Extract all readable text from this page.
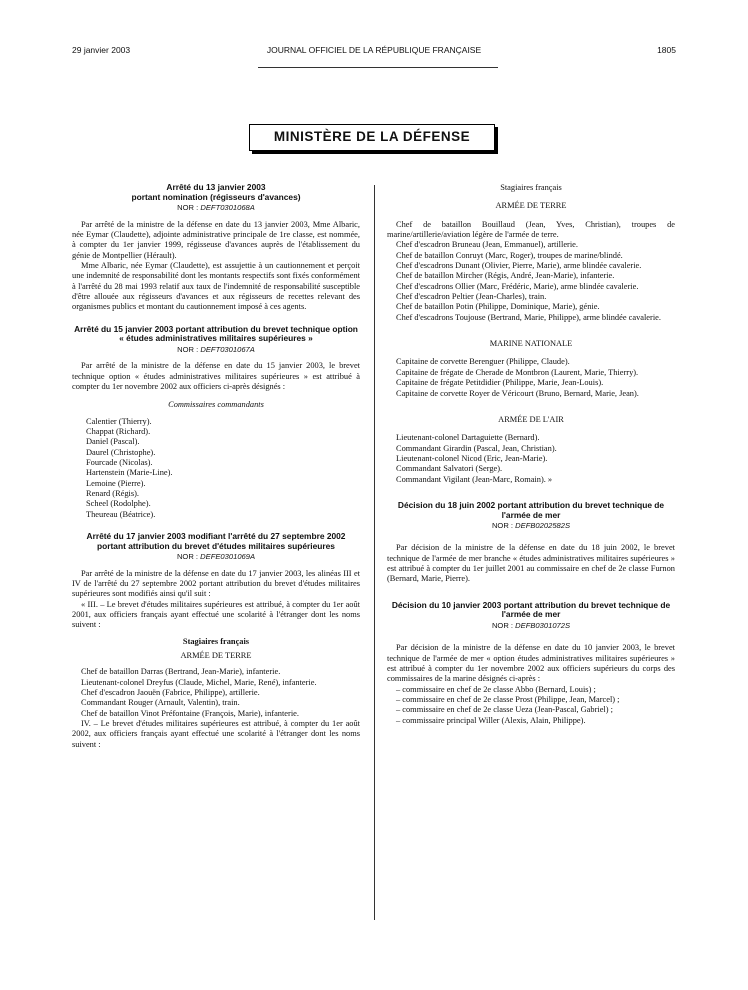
29 janvier 2003	JOURNAL OFFICIEL DE LA RÉPUBLIQUE FRANÇAISE	1805
MINISTÈRE DE LA DÉFENSE

Arrêté du 13 janvier 2003

portant nomination (régisseurs d'avances)

NOR : DEFT0301068A

Par arrêté de la ministre de la défense en date du 13 janvier 2003, Mme Albaric, née Eymar (Claudette), adjointe administrative principale de 1re classe, est nommée, à compter du 1er janvier 1999, régisseuse d'avances auprès de l'établissement du génie de Montpellier (Hérault).

Mme Albaric, née Eymar (Claudette), est assujettie à un cautionnement et perçoit une indemnité de responsabilité dont les montants respectifs sont fixés conformément à l'arrêté du 28 mai 1993 relatif aux taux de l'indemnité de responsabilité susceptible d'être allouée aux régisseurs d'avances et aux régisseurs de recettes relevant des organismes publics et montant du cautionnement imposé à ces agents.

Arrêté du 15 janvier 2003 portant attribution du brevet technique option « études administratives militaires supérieures »

NOR : DEFT0301067A

Par arrêté de la ministre de la défense en date du 15 janvier 2003, le brevet technique option « études administratives militaires supérieures » est attribué à compter du 1er novembre 2002 aux officiers ci-après désignés :

Commissaires commandants

Calentier (Thierry).

Chappat (Richard).

Daniel (Pascal).

Daurel (Christophe).

Fourcade (Nicolas).

Hartenstein (Marie-Line).

Lemoine (Pierre).

Renard (Régis).

Scheel (Rodolphe).

Theureau (Béatrice).

Arrêté du 17 janvier 2003 modifiant l'arrêté du 27 septembre 2002 portant attribution du brevet d'études militaires supérieures

NOR : DEFE0301069A

Par arrêté de la ministre de la défense en date du 17 janvier 2003, les alinéas III et IV de l'arrêté du 27 septembre 2002 portant attribution du brevet d'études militaires supérieures sont modifiés ainsi qu'il suit :

« III. – Le brevet d'études militaires supérieures est attribué, à compter du 1er août 2001, aux officiers français ayant effectué une scolarité à l'étranger dont les noms suivent :

Stagiaires français

ARMÉE DE TERRE

Chef de bataillon Darras (Bertrand, Jean-Marie), infanterie.

Lieutenant-colonel Dreyfus (Claude, Michel, Marie, René), infanterie.

Chef d'escadron Jaouën (Fabrice, Philippe), artillerie.

Commandant Rouger (Arnault, Valentin), train.

Chef de bataillon Vinot Préfontaine (François, Marie), infanterie.

IV. – Le brevet d'études militaires supérieures est attribué, à compter du 1er août 2002, aux officiers français ayant effectué une scolarité à l'étranger dont les noms suivent :

Stagiaires français

ARMÉE DE TERRE

Chef de bataillon Bouillaud (Jean, Yves, Christian), troupes de marine/artillerie/aviation légère de l'armée de terre.

Chef d'escadron Bruneau (Jean, Emmanuel), artillerie.

Chef de bataillon Conruyt (Marc, Roger), troupes de marine/blindé.

Chef d'escadrons Dunant (Olivier, Pierre, Marie), arme blindée cavalerie.

Chef de bataillon Mircher (Régis, André, Jean-Marie), infanterie.

Chef d'escadrons Ollier (Marc, Frédéric, Marie), arme blindée cavalerie.

Chef d'escadron Peltier (Jean-Charles), train.

Chef de bataillon Potin (Philippe, Dominique, Marie), génie.

Chef d'escadrons Toujouse (Bertrand, Marie, Philippe), arme blindée cavalerie.

MARINE NATIONALE

Capitaine de corvette Berenguer (Philippe, Claude).

Capitaine de frégate de Cherade de Montbron (Laurent, Marie, Thierry).

Capitaine de frégate Petitdidier (Philippe, Marie, Jean-Louis).

Capitaine de corvette Royer de Véricourt (Bruno, Bernard, Marie, Jean).

ARMÉE DE L'AIR

Lieutenant-colonel Dartaguiette (Bernard).

Commandant Girardin (Pascal, Jean, Christian).

Lieutenant-colonel Nicod (Eric, Jean-Marie).

Commandant Salvatori (Serge).

Commandant Vigilant (Jean-Marc, Romain). »

Décision du 18 juin 2002 portant attribution du brevet technique de l'armée de mer

NOR : DEFB0202582S

Par décision de la ministre de la défense en date du 18 juin 2002, le brevet technique de l'armée de mer branche « études administratives militaires supérieures » est attribué à compter du 1er juillet 2001 au commissaire en chef de 2e classe Furnon (Bernard, Marie, Pierre).

Décision du 10 janvier 2003 portant attribution du brevet technique de l'armée de mer

NOR : DEFB0301072S

Par décision de la ministre de la défense en date du 10 janvier 2003, le brevet technique de l'armée de mer « option études administratives militaires supérieures » est attribué à compter du 1er novembre 2002 aux officiers supérieurs du corps des commissaires de la marine désignés ci-après :

– commissaire en chef de 2e classe Abbo (Bernard, Louis) ;

– commissaire en chef de 2e classe Prost (Philippe, Jean, Marcel) ;

– commissaire en chef de 2e classe Ueza (Jean-Pascal, Gabriel) ;

– commissaire principal Willer (Alexis, Alain, Philippe).
